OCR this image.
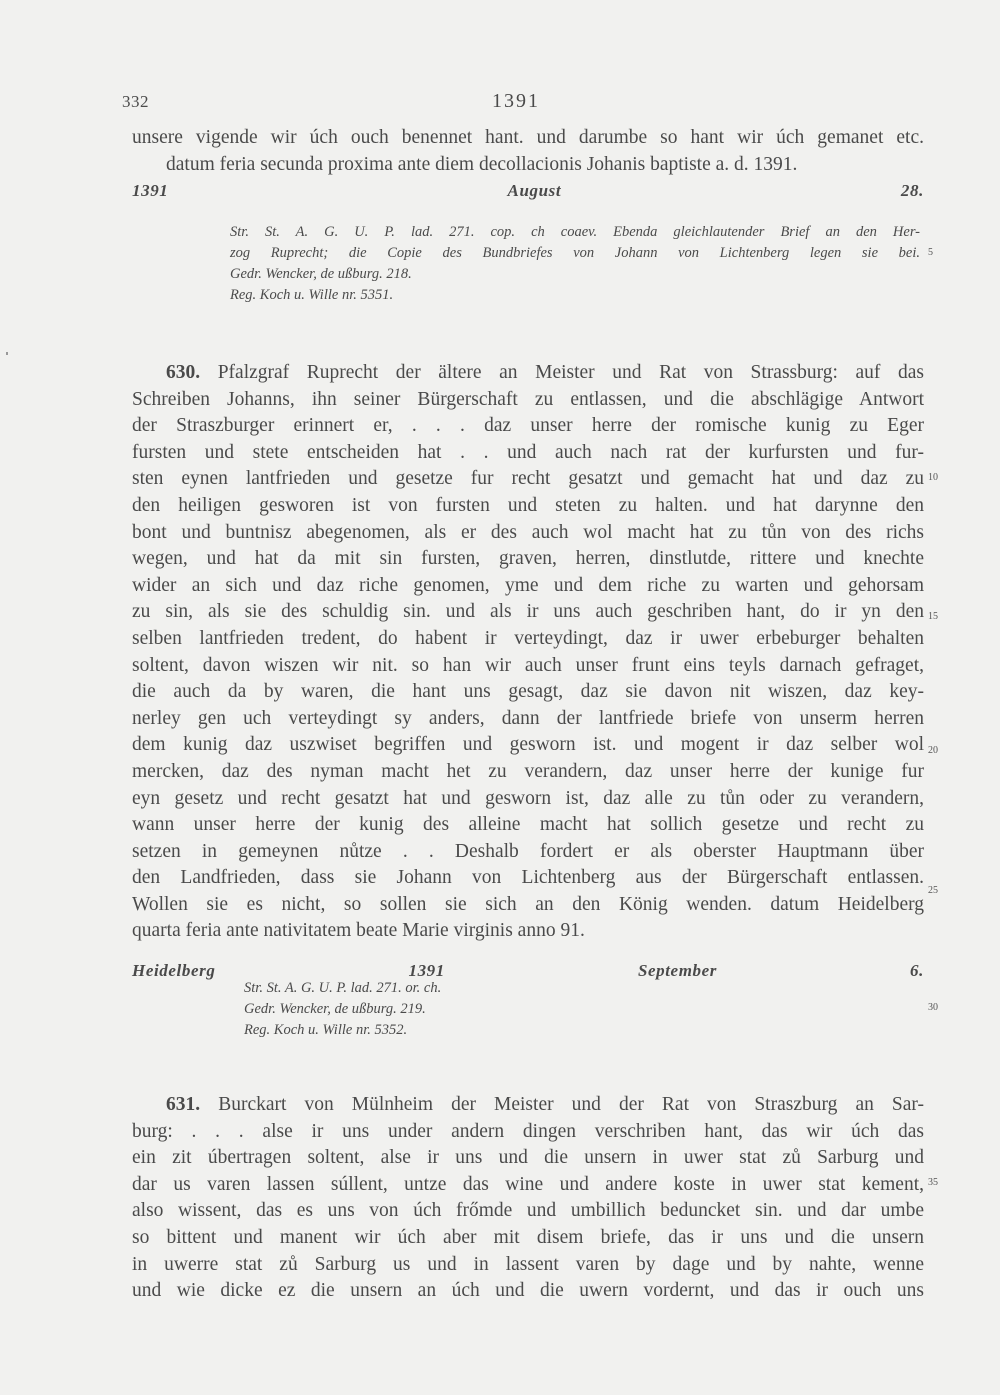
332	1391
unsere vigende wir úch ouch benennet hant. und darumbe so hant wir úch gemanet etc.
datum feria secunda proxima ante diem decollacionis Johanis baptiste a. d. 1391.
1391 August 28.
Str. St. A. G. U. P. lad. 271. cop. ch coaev. Ebenda gleichlautender Brief an den Her-
zog Ruprecht; die Copie des Bundbriefes von Johann von Lichtenberg legen sie bei.
Gedr. Wencker, de ußburg. 218.
Reg. Koch u. Wille nr. 5351.
630. Pfalzgraf Ruprecht der ältere an Meister und Rat von Strassburg: auf das
Schreiben Johanns, ihn seiner Bürgerschaft zu entlassen, und die abschlägige Antwort
der Straszburger erinnert er, . . . daz unser herre der romische kunig zu Eger
fursten und stete entscheiden hat . . und auch nach rat der kurfursten und fur-
sten eynen lantfrieden und gesetze fur recht gesatzt und gemacht hat und daz zu
den heiligen gesworen ist von fursten und steten zu halten. und hat darynne den
bont und buntnisz abegenomen, als er des auch wol macht hat zu tůn von des richs
wegen, und hat da mit sin fursten, graven, herren, dinstlutde, rittere und knechte
wider an sich und daz riche genomen, yme und dem riche zu warten und gehorsam
zu sin, als sie des schuldig sin. und als ir uns auch geschriben hant, do ir yn den
selben lantfrieden tredent, do habent ir verteydingt, daz ir uwer erbeburger behalten
soltent, davon wiszen wir nit. so han wir auch unser frunt eins teyls darnach gefraget,
die auch da by waren, die hant uns gesagt, daz sie davon nit wiszen, daz key-
nerley gen uch verteydingt sy anders, dann der lantfriede briefe von unserm herren
dem kunig daz uszwiset begriffen und gesworn ist. und mogent ir daz selber wol
mercken, daz des nyman macht het zu verandern, daz unser herre der kunige fur
eyn gesetz und recht gesatzt hat und gesworn ist, daz alle zu tůn oder zu verandern,
wann unser herre der kunig des alleine macht hat sollich gesetze und recht zu
setzen in gemeynen nůtze . . Deshalb fordert er als oberster Hauptmann über
den Landfrieden, dass sie Johann von Lichtenberg aus der Bürgerschaft entlassen.
Wollen sie es nicht, so sollen sie sich an den König wenden. datum Heidelberg
quarta feria ante nativitatem beate Marie virginis anno 91.
Heidelberg 1391 September 6.
Str. St. A. G. U. P. lad. 271. or. ch.
Gedr. Wencker, de ußburg. 219.
Reg. Koch u. Wille nr. 5352.
631. Burckart von Mülnheim der Meister und der Rat von Straszburg an Sar-
burg: . . . alse ir uns under andern dingen verschriben hant, das wir úch das
ein zit úbertragen soltent, alse ir uns und die unsern in uwer stat zů Sarburg und
dar us varen lassen súllent, untze das wine und andere koste in uwer stat kement,
also wissent, das es uns von úch frőmde und umbillich beduncket sin. und dar umbe
so bittent und manent wir úch aber mit disem briefe, das ir uns und die unsern
in uwerre stat zů Sarburg us und in lassent varen by dage und by nahte, wenne
und wie dicke ez die unsern an úch und die uwern vordernt, und das ir ouch uns
5
10
15
20
25
30
35
